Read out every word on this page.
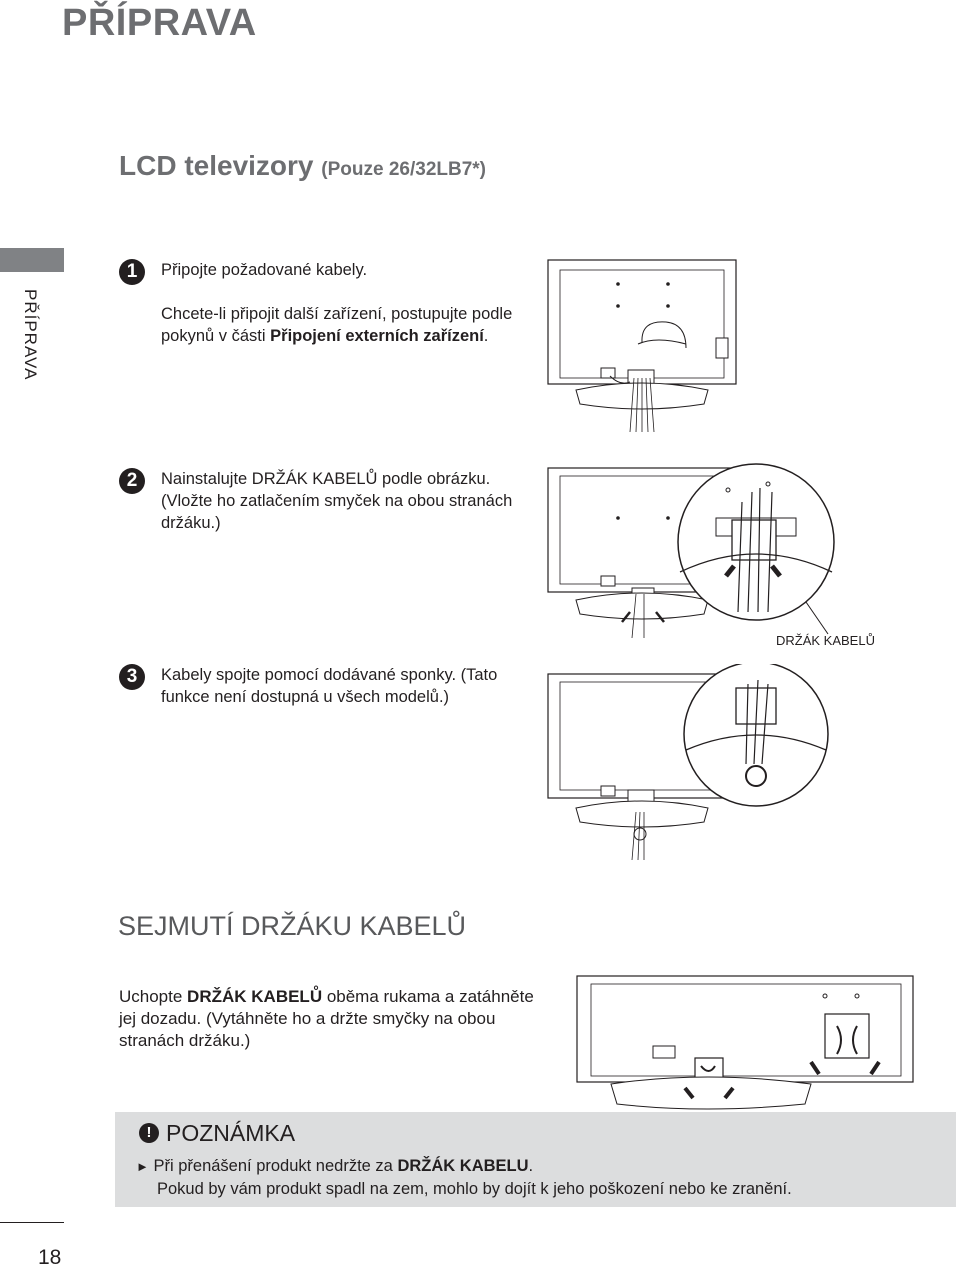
PŘÍPRAVA
LCD televizory (Pouze 26/32LB7*)
PŘÍPRAVA
1	Připojte požadované kabely.
Chcete-li připojit další zařízení, postupujte podle pokynů v části Připojení externích zařízení.
2	Nainstalujte DRŽÁK KABELŮ podle obrázku. (Vložte ho zatlačením smyček na obou stranách držáku.)
3	Kabely spojte pomocí dodávané sponky. (Tato funkce není dostupná u všech modelů.)
DRŽÁK KABELŮ
SEJMUTÍ DRŽÁKU KABELŮ
Uchopte DRŽÁK KABELŮ oběma rukama a zatáhněte jej dozadu. (Vytáhněte ho a držte smyčky na obou stranách držáku.)
! POZNÁMKA
► Při přenášení produkt nedržte za DRŽÁK KABELU.
Pokud by vám produkt spadl na zem, mohlo by dojít k jeho poškození nebo ke zranění.
18
